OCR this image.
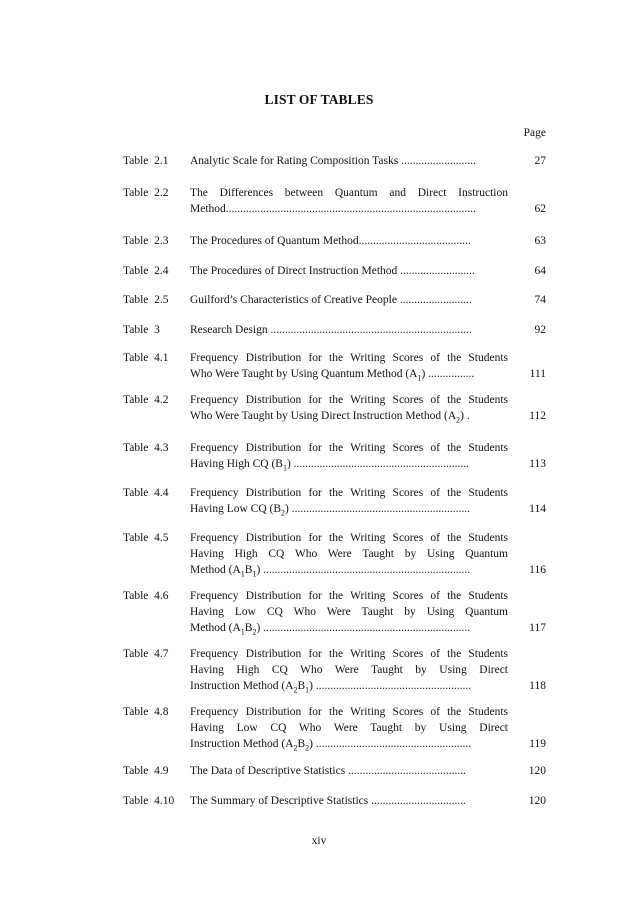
LIST OF TABLES
Page
Table  2.1 Analytic Scale for Rating Composition Tasks ..........................	27
Table  2.2 The Differences between Quantum and Direct Instruction
Method.......................................................................................	62
Table  2.3 The Procedures of Quantum Method.......................................	63
Table  2.4 The Procedures of Direct Instruction Method ..........................	64
Table  2.5 Guilford’s Characteristics of Creative People .........................	74
Table  3	Research Design ......................................................................	92
Table  4.1 Frequency Distribution for the Writing Scores of the Students
Who Were Taught by Using Quantum Method $(A_1)$ ................	111
Table  4.2 Frequency Distribution for the Writing Scores of the Students
Who Were Taught by Using Direct Instruction Method $(A_2)$ .	112
Table  4.3 Frequency Distribution for the Writing Scores of the Students
Having High CQ $(B_1)$ .............................................................	113
Table  4.4 Frequency Distribution for the Writing Scores of the Students
Having Low CQ $(B_2)$ ..............................................................	114
Table  4.5 Frequency Distribution for the Writing Scores of the Students
Having High CQ Who Were Taught by Using Quantum
Method $(A_1B_1)$ ........................................................................	116
Table  4.6 Frequency Distribution for the Writing Scores of the Students
Having Low CQ Who Were Taught by Using Quantum
Method $(A_1B_2)$ ........................................................................	117
Table  4.7 Frequency Distribution for the Writing Scores of the Students
Having High CQ Who Were Taught by Using Direct
Instruction Method $(A_2B_1)$ ......................................................	118
Table  4.8 Frequency Distribution for the Writing Scores of the Students
Having Low CQ Who Were Taught by Using Direct
Instruction Method $(A_2B_2)$ ......................................................	119
Table  4.9 The Data of Descriptive Statistics .........................................	120
Table  4.10 The Summary of Descriptive Statistics .................................	120
xiv
